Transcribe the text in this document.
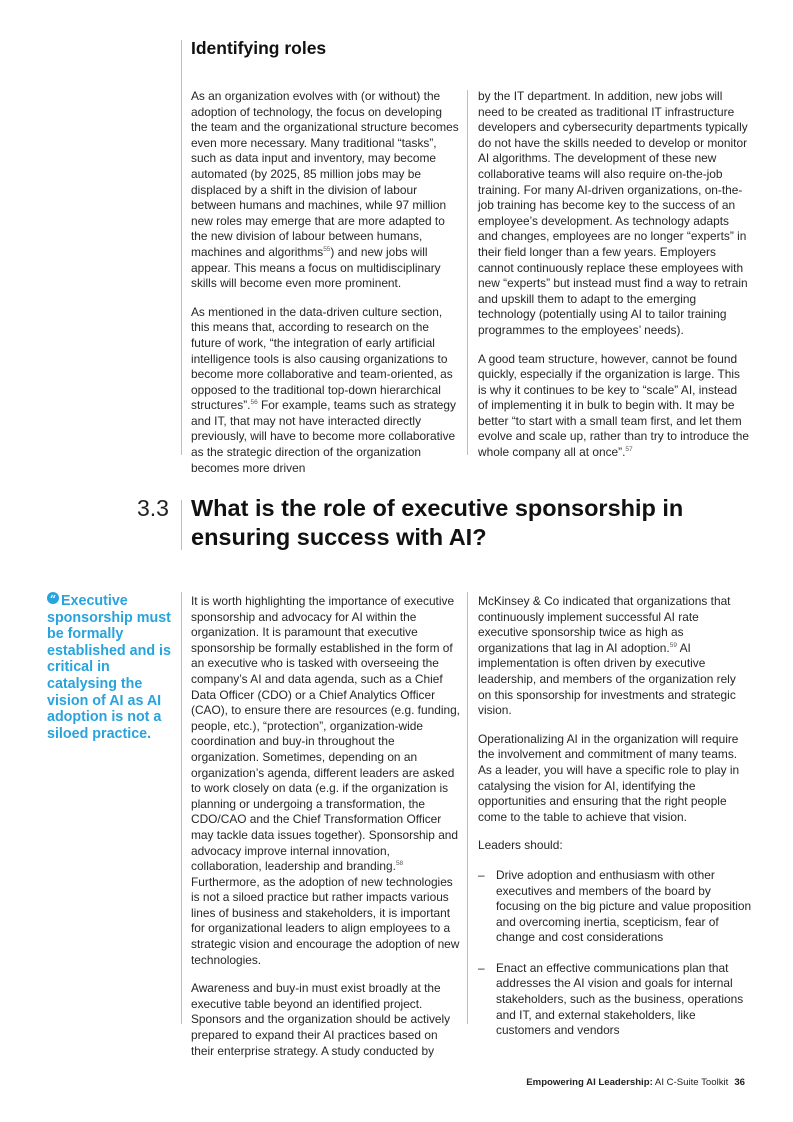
Identifying roles

As an organization evolves with (or without) the adoption of technology, the focus on developing the team and the organizational structure becomes even more necessary. Many traditional “tasks”, such as data input and inventory, may become automated (by 2025, 85 million jobs may be displaced by a shift in the division of labour between humans and machines, while 97 million new roles may emerge that are more adapted to the new division of labour between humans, machines and algorithms$^{55}$) and new jobs will appear. This means a focus on multidisciplinary skills will become even more prominent.

As mentioned in the data-driven culture section, this means that, according to research on the future of work, “the integration of early artificial intelligence tools is also causing organizations to become more collaborative and team-oriented, as opposed to the traditional top-down hierarchical structures”.$^{56}$ For example, teams such as strategy and IT, that may not have interacted directly previously, will have to become more collaborative as the strategic direction of the organization becomes more driven

by the IT department. In addition, new jobs will need to be created as traditional IT infrastructure developers and cybersecurity departments typically do not have the skills needed to develop or monitor AI algorithms. The development of these new collaborative teams will also require on-the-job training. For many AI-driven organizations, on-the-job training has become key to the success of an employee’s development. As technology adapts and changes, employees are no longer “experts” in their field longer than a few years. Employers cannot continuously replace these employees with new “experts” but instead must find a way to retrain and upskill them to adapt to the emerging technology (potentially using AI to tailor training programmes to the employees’ needs).

A good team structure, however, cannot be found quickly, especially if the organization is large. This is why it continues to be key to “scale” AI, instead of implementing it in bulk to begin with. It may be better “to start with a small team first, and let them evolve and scale up, rather than try to introduce the whole company all at once”.$^{57}$

3.3 What is the role of executive sponsorship in ensuring success with AI?
“ Executive sponsorship must be formally established and is critical in catalysing the vision of AI as AI adoption is not a siloed practice.

It is worth highlighting the importance of executive sponsorship and advocacy for AI within the organization. It is paramount that executive sponsorship be formally established in the form of an executive who is tasked with overseeing the company’s AI and data agenda, such as a Chief Data Officer (CDO) or a Chief Analytics Officer (CAO), to ensure there are resources (e.g. funding, people, etc.), “protection”, organization-wide coordination and buy-in throughout the organization. Sometimes, depending on an organization’s agenda, different leaders are asked to work closely on data (e.g. if the organization is planning or undergoing a transformation, the CDO/CAO and the Chief Transformation Officer may tackle data issues together). Sponsorship and advocacy improve internal innovation, collaboration, leadership and branding.$^{58}$ Furthermore, as the adoption of new technologies is not a siloed practice but rather impacts various lines of business and stakeholders, it is important for organizational leaders to align employees to a strategic vision and encourage the adoption of new technologies.

Awareness and buy-in must exist broadly at the executive table beyond an identified project. Sponsors and the organization should be actively prepared to expand their AI practices based on their enterprise strategy. A study conducted by

McKinsey & Co indicated that organizations that continuously implement successful AI rate executive sponsorship twice as high as organizations that lag in AI adoption.$^{59}$ AI implementation is often driven by executive leadership, and members of the organization rely on this sponsorship for investments and strategic vision.

Operationalizing AI in the organization will require the involvement and commitment of many teams. As a leader, you will have a specific role to play in catalysing the vision for AI, identifying the opportunities and ensuring that the right people come to the table to achieve that vision.

Leaders should:

– Drive adoption and enthusiasm with other executives and members of the board by focusing on the big picture and value proposition and overcoming inertia, scepticism, fear of change and cost considerations
– Enact an effective communications plan that addresses the AI vision and goals for internal stakeholders, such as the business, operations and IT, and external stakeholders, like customers and vendors
Empowering AI Leadership: AI C-Suite Toolkit 36
